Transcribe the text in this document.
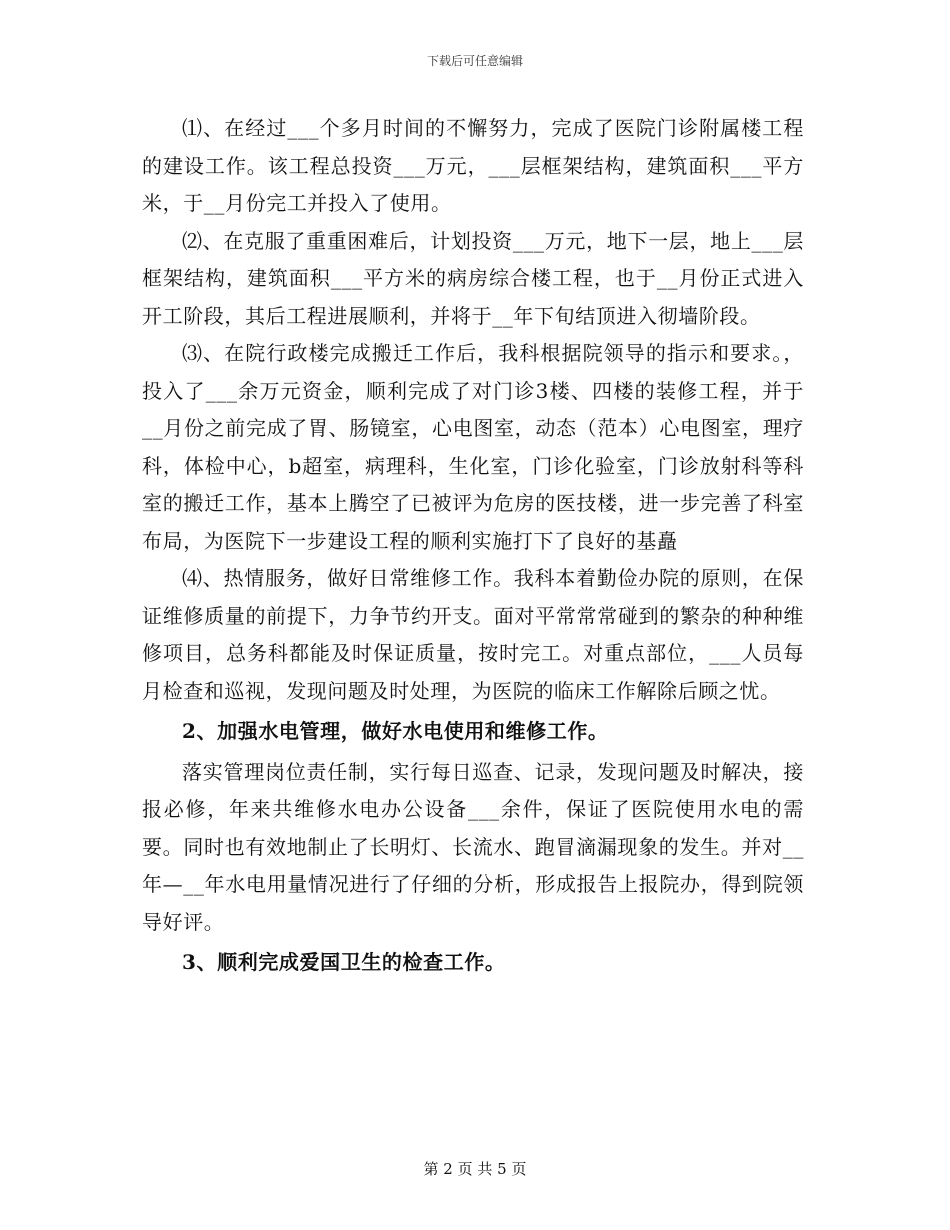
下载后可任意编辑

⑴、在经过___个多月时间的不懈努力，完成了医院门诊附属楼工程的建设工作。该工程总投资___万元，___层框架结构，建筑面积___平方米，于__月份完工并投入了使用。

⑵、在克服了重重困难后，计划投资___万元，地下一层，地上___层框架结构，建筑面积___平方米的病房综合楼工程，也于__月份正式进入开工阶段，其后工程进展顺利，并将于__年下旬结顶进入彻墙阶段。

⑶、在院行政楼完成搬迁工作后，我科根据院领导的指示和要求。，投入了___余万元资金，顺利完成了对门诊3楼、四楼的装修工程，并于__月份之前完成了胃、肠镜室，心电图室，动态（范本）心电图室，理疗科，体检中心，b超室，病理科，生化室，门诊化验室，门诊放射科等科室的搬迁工作，基本上腾空了已被评为危房的医技楼，进一步完善了科室布局，为医院下一步建设工程的顺利实施打下了良好的基矗

⑷、热情服务，做好日常维修工作。我科本着勤俭办院的原则，在保证维修质量的前提下，力争节约开支。面对平常常常碰到的繁杂的种种维修项目，总务科都能及时保证质量，按时完工。对重点部位，___人员每月检查和巡视，发现问题及时处理，为医院的临床工作解除后顾之忧。

2、加强水电管理，做好水电使用和维修工作。

落实管理岗位责任制，实行每日巡查、记录，发现问题及时解决，接报必修，年来共维修水电办公设备___余件，保证了医院使用水电的需要。同时也有效地制止了长明灯、长流水、跑冒滴漏现象的发生。并对__年—__年水电用量情况进行了仔细的分析，形成报告上报院办，得到院领导好评。

3、顺利完成爱国卫生的检查工作。

第 2 页 共 5 页
